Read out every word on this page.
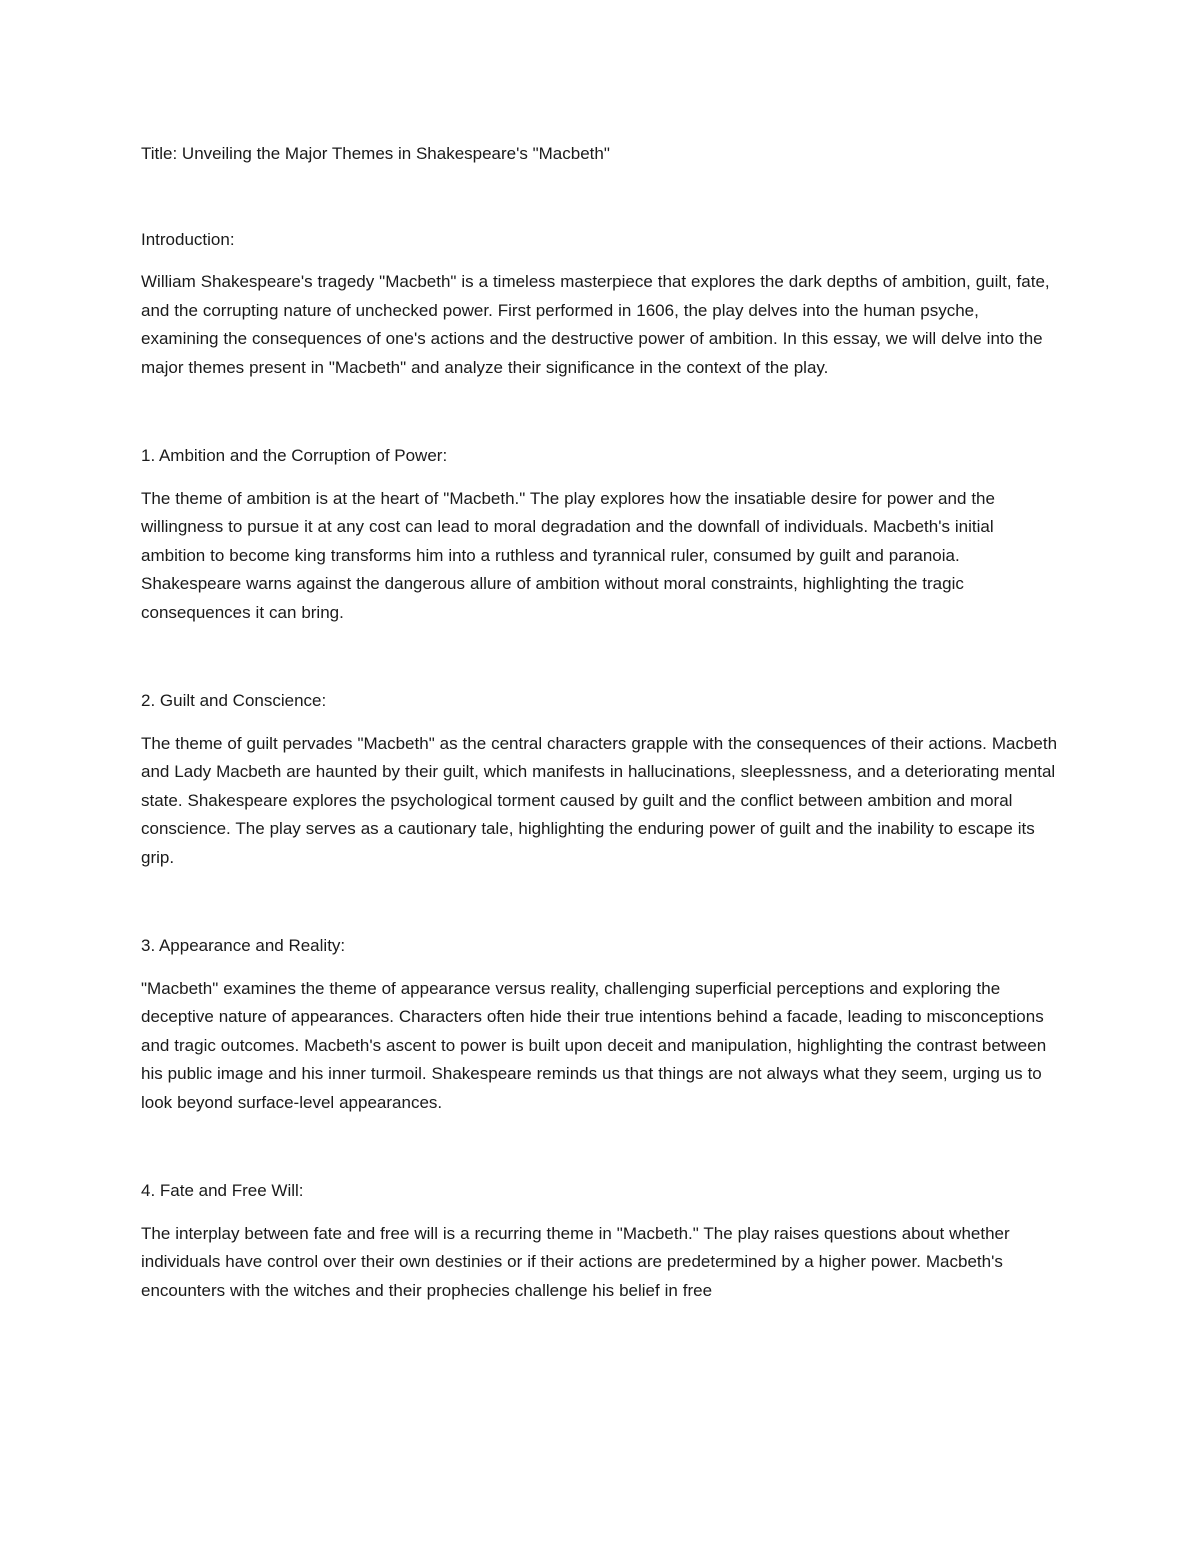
Title: Unveiling the Major Themes in Shakespeare's "Macbeth"

Introduction:

William Shakespeare's tragedy "Macbeth" is a timeless masterpiece that explores the dark depths of ambition, guilt, fate, and the corrupting nature of unchecked power. First performed in 1606, the play delves into the human psyche, examining the consequences of one's actions and the destructive power of ambition. In this essay, we will delve into the major themes present in "Macbeth" and analyze their significance in the context of the play.

1. Ambition and the Corruption of Power:

The theme of ambition is at the heart of "Macbeth." The play explores how the insatiable desire for power and the willingness to pursue it at any cost can lead to moral degradation and the downfall of individuals. Macbeth's initial ambition to become king transforms him into a ruthless and tyrannical ruler, consumed by guilt and paranoia. Shakespeare warns against the dangerous allure of ambition without moral constraints, highlighting the tragic consequences it can bring.

2. Guilt and Conscience:

The theme of guilt pervades "Macbeth" as the central characters grapple with the consequences of their actions. Macbeth and Lady Macbeth are haunted by their guilt, which manifests in hallucinations, sleeplessness, and a deteriorating mental state. Shakespeare explores the psychological torment caused by guilt and the conflict between ambition and moral conscience. The play serves as a cautionary tale, highlighting the enduring power of guilt and the inability to escape its grip.

3. Appearance and Reality:

"Macbeth" examines the theme of appearance versus reality, challenging superficial perceptions and exploring the deceptive nature of appearances. Characters often hide their true intentions behind a facade, leading to misconceptions and tragic outcomes. Macbeth's ascent to power is built upon deceit and manipulation, highlighting the contrast between his public image and his inner turmoil. Shakespeare reminds us that things are not always what they seem, urging us to look beyond surface-level appearances.

4. Fate and Free Will:

The interplay between fate and free will is a recurring theme in "Macbeth." The play raises questions about whether individuals have control over their own destinies or if their actions are predetermined by a higher power. Macbeth's encounters with the witches and their prophecies challenge his belief in free
